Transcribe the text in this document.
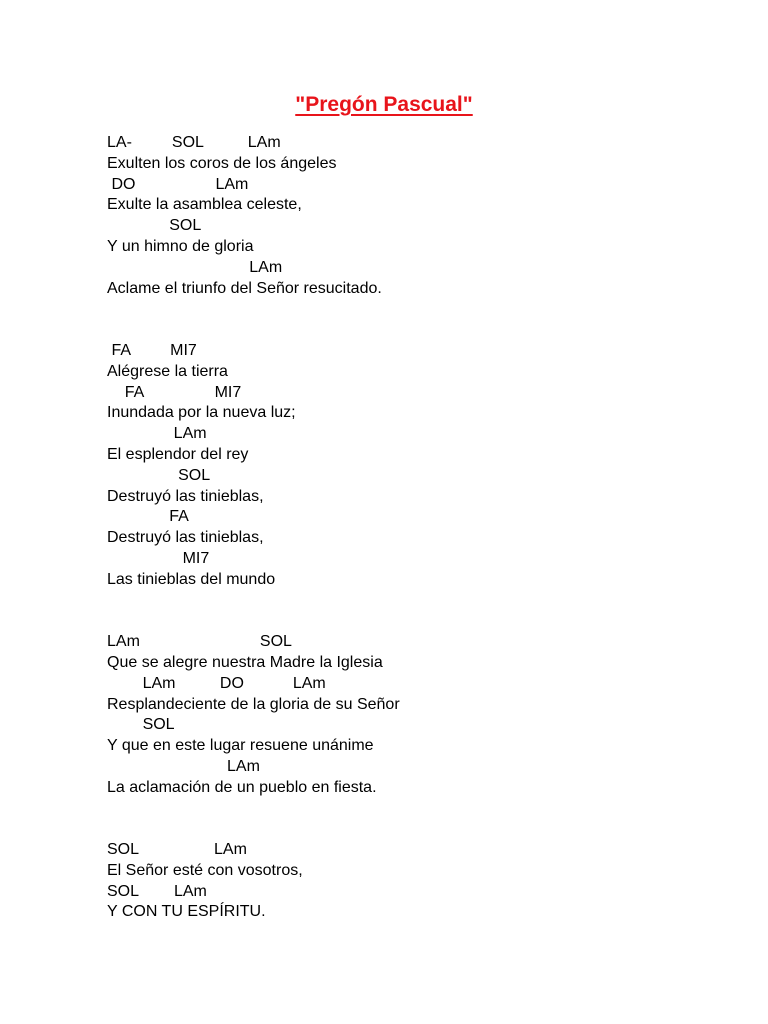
"Pregón Pascual"
LA-         SOL          LAm
Exulten los coros de los ángeles
DO                  LAm
Exulte la asamblea celeste,
SOL
Y un himno de gloria
LAm
Aclame el triunfo del Señor resucitado.
FA         MI7
Alégrese la tierra
FA                MI7
Inundada por la nueva luz;
LAm
El esplendor del rey
SOL
Destruyó las tinieblas,
FA
Destruyó las tinieblas,
MI7
Las tinieblas del mundo
LAm                           SOL
Que se alegre nuestra Madre la Iglesia
LAm          DO           LAm
Resplandeciente de la gloria de su Señor
SOL
Y que en este lugar resuene unánime
LAm
La aclamación de un pueblo en fiesta.
SOL                 LAm
El Señor esté con vosotros,
SOL        LAm
Y CON TU ESPÍRITU.
